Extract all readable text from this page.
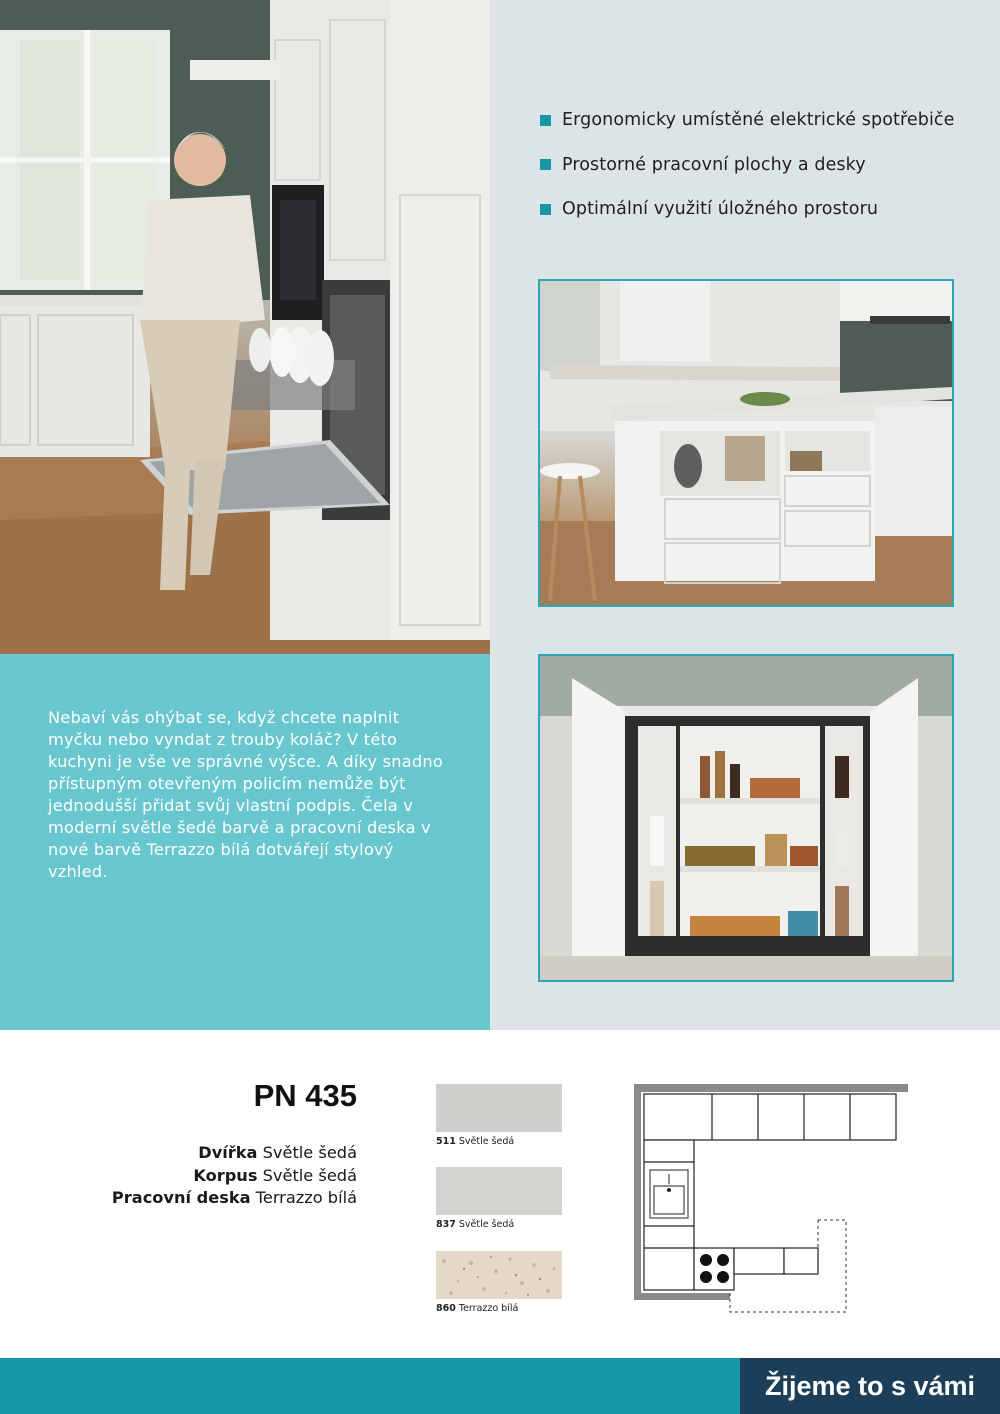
Ergonomicky umístěné elektrické spotřebiče
Prostorné pracovní plochy a desky
Optimální využití úložného prostoru

Nebaví vás ohýbat se, když chcete naplnit myčku nebo vyndat z trouby koláč? V této kuchyni je vše ve správné výšce. A díky snadno přístupným otevřeným policím nemůže být jednodušší přidat svůj vlastní podpis. Čela v moderní světle šedé barvě a pracovní deska v nové barvě Terrazzo bílá dotvářejí stylový vzhled.

PN 435
Dvířka Světle šedá
Korpus Světle šedá
Pracovní deska Terrazzo bílá
511 Světle šedá
837 Světle šedá
860 Terrazzo bílá
Žijeme to s vámi
